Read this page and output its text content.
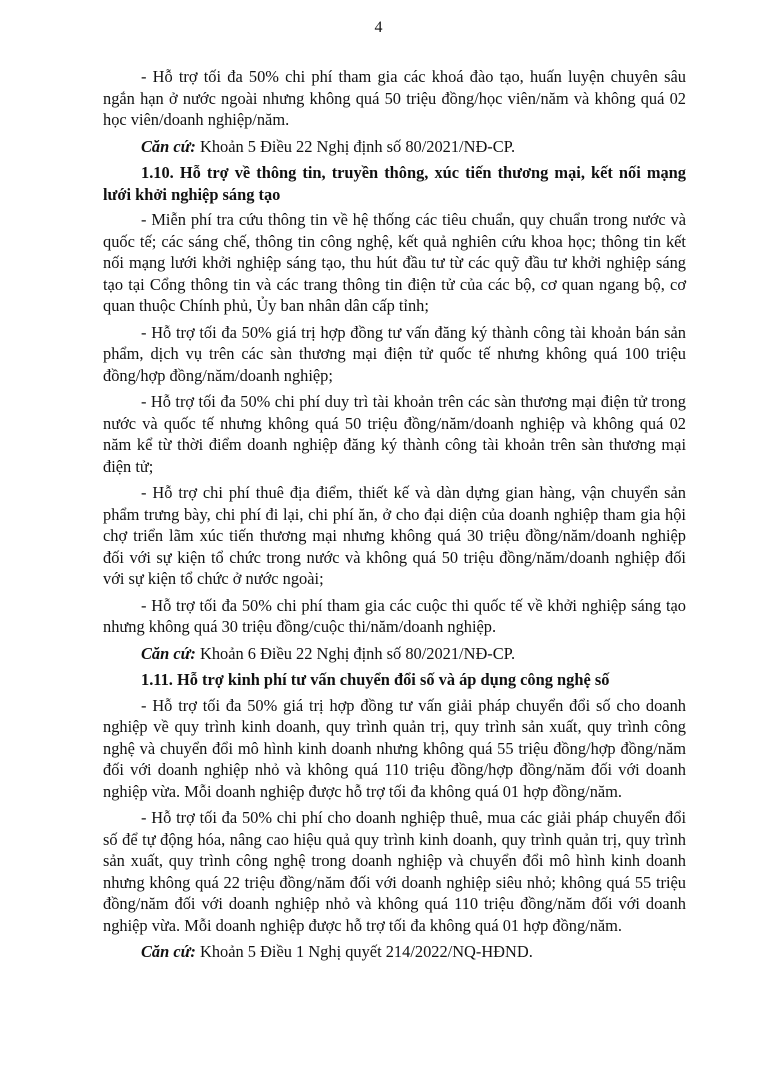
4

- Hỗ trợ tối đa 50% chi phí tham gia các khoá đào tạo, huấn luyện chuyên sâu ngắn hạn ở nước ngoài nhưng không quá 50 triệu đồng/học viên/năm và không quá 02 học viên/doanh nghiệp/năm.

Căn cứ: Khoản 5 Điều 22 Nghị định số 80/2021/NĐ-CP.

1.10. Hỗ trợ về thông tin, truyền thông, xúc tiến thương mại, kết nối mạng lưới khởi nghiệp sáng tạo

- Miễn phí tra cứu thông tin về hệ thống các tiêu chuẩn, quy chuẩn trong nước và quốc tế; các sáng chế, thông tin công nghệ, kết quả nghiên cứu khoa học; thông tin kết nối mạng lưới khởi nghiệp sáng tạo, thu hút đầu tư từ các quỹ đầu tư khởi nghiệp sáng tạo tại Cổng thông tin và các trang thông tin điện tử của các bộ, cơ quan ngang bộ, cơ quan thuộc Chính phủ, Ủy ban nhân dân cấp tỉnh;

- Hỗ trợ tối đa 50% giá trị hợp đồng tư vấn đăng ký thành công tài khoản bán sản phẩm, dịch vụ trên các sàn thương mại điện tử quốc tế nhưng không quá 100 triệu đồng/hợp đồng/năm/doanh nghiệp;

- Hỗ trợ tối đa 50% chi phí duy trì tài khoản trên các sàn thương mại điện tử trong nước và quốc tế nhưng không quá 50 triệu đồng/năm/doanh nghiệp và không quá 02 năm kể từ thời điểm doanh nghiệp đăng ký thành công tài khoản trên sàn thương mại điện tử;

- Hỗ trợ chi phí thuê địa điểm, thiết kế và dàn dựng gian hàng, vận chuyển sản phẩm trưng bày, chi phí đi lại, chi phí ăn, ở cho đại diện của doanh nghiệp tham gia hội chợ triển lãm xúc tiến thương mại nhưng không quá 30 triệu đồng/năm/doanh nghiệp đối với sự kiện tổ chức trong nước và không quá 50 triệu đồng/năm/doanh nghiệp đối với sự kiện tổ chức ở nước ngoài;

- Hỗ trợ tối đa 50% chi phí tham gia các cuộc thi quốc tế về khởi nghiệp sáng tạo nhưng không quá 30 triệu đồng/cuộc thi/năm/doanh nghiệp.

Căn cứ: Khoản 6 Điều 22 Nghị định số 80/2021/NĐ-CP.

1.11. Hỗ trợ kinh phí tư vấn chuyển đổi số và áp dụng công nghệ số

- Hỗ trợ tối đa 50% giá trị hợp đồng tư vấn giải pháp chuyển đổi số cho doanh nghiệp về quy trình kinh doanh, quy trình quản trị, quy trình sản xuất, quy trình công nghệ và chuyển đổi mô hình kinh doanh nhưng không quá 55 triệu đồng/hợp đồng/năm đối với doanh nghiệp nhỏ và không quá 110 triệu đồng/hợp đồng/năm đối với doanh nghiệp vừa. Mỗi doanh nghiệp được hỗ trợ tối đa không quá 01 hợp đồng/năm.

- Hỗ trợ tối đa 50% chi phí cho doanh nghiệp thuê, mua các giải pháp chuyển đổi số để tự động hóa, nâng cao hiệu quả quy trình kinh doanh, quy trình quản trị, quy trình sản xuất, quy trình công nghệ trong doanh nghiệp và chuyển đổi mô hình kinh doanh nhưng không quá 22 triệu đồng/năm đối với doanh nghiệp siêu nhỏ; không quá 55 triệu đồng/năm đối với doanh nghiệp nhỏ và không quá 110 triệu đồng/năm đối với doanh nghiệp vừa. Mỗi doanh nghiệp được hỗ trợ tối đa không quá 01 hợp đồng/năm.

Căn cứ: Khoản 5 Điều 1 Nghị quyết 214/2022/NQ-HĐND.
